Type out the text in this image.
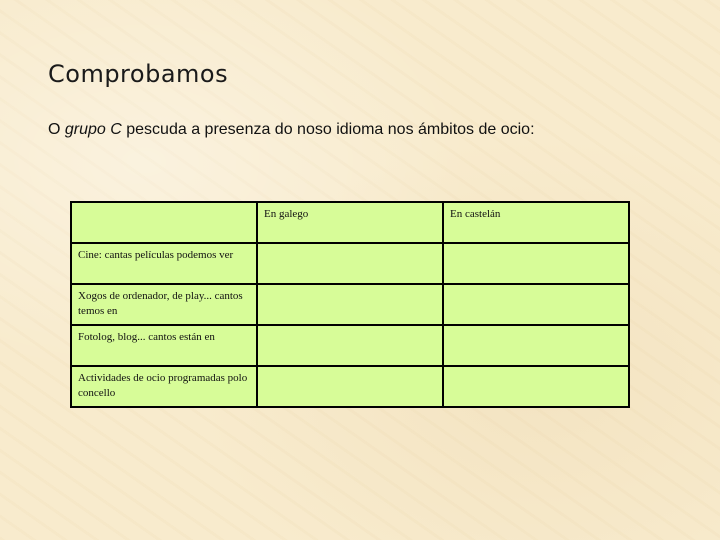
Comprobamos

O grupo C pescuda a presenza do noso idioma nos ámbitos de ocio:

	En galego	En castelán
Cine: cantas películas podemos ver		
Xogos de ordenador, de play... cantos temos en		
Fotolog, blog... cantos están en		
Actividades de ocio programadas polo concello		
